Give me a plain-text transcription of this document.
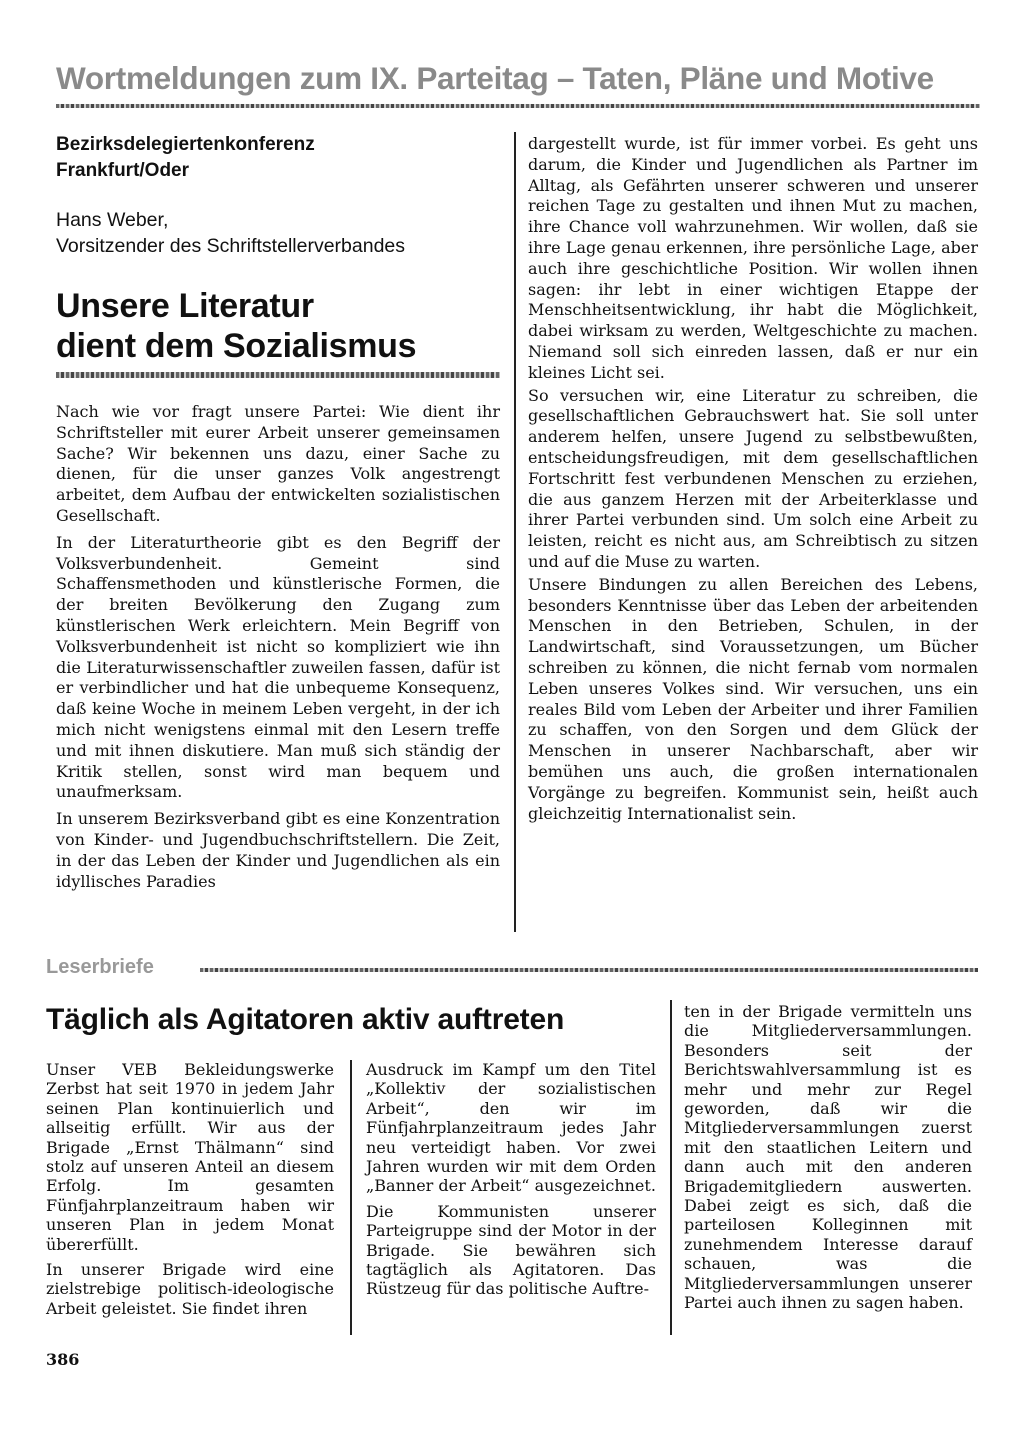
Wortmeldungen zum IX. Parteitag – Taten, Pläne und Motive
Bezirksdelegiertenkonferenz
Frankfurt/Oder
Hans Weber,
Vorsitzender des Schriftstellerverbandes
Unsere Literatur
dient dem Sozialismus

Nach wie vor fragt unsere Partei: Wie dient ihr Schriftsteller mit eurer Arbeit unserer gemeinsamen Sache? Wir bekennen uns dazu, einer Sache zu dienen, für die unser ganzes Volk angestrengt arbeitet, dem Aufbau der entwickelten sozialistischen Gesellschaft.

In der Literaturtheorie gibt es den Begriff der Volksverbundenheit. Gemeint sind Schaffensmethoden und künstlerische Formen, die der breiten Bevölkerung den Zugang zum künstlerischen Werk erleichtern. Mein Begriff von Volksverbundenheit ist nicht so kompliziert wie ihn die Literaturwissenschaftler zuweilen fassen, dafür ist er verbindlicher und hat die unbequeme Konsequenz, daß keine Woche in meinem Leben vergeht, in der ich mich nicht wenigstens einmal mit den Lesern treffe und mit ihnen diskutiere. Man muß sich ständig der Kritik stellen, sonst wird man bequem und unaufmerksam.

In unserem Bezirksverband gibt es eine Konzentration von Kinder- und Jugendbuchschriftstellern. Die Zeit, in der das Leben der Kinder und Jugendlichen als ein idyllisches Paradies

dargestellt wurde, ist für immer vorbei. Es geht uns darum, die Kinder und Jugendlichen als Partner im Alltag, als Gefährten unserer schweren und unserer reichen Tage zu gestalten und ihnen Mut zu machen, ihre Chance voll wahrzunehmen. Wir wollen, daß sie ihre Lage genau erkennen, ihre persönliche Lage, aber auch ihre geschichtliche Position. Wir wollen ihnen sagen: ihr lebt in einer wichtigen Etappe der Menschheitsentwicklung, ihr habt die Möglichkeit, dabei wirksam zu werden, Weltgeschichte zu machen. Niemand soll sich einreden lassen, daß er nur ein kleines Licht sei.

So versuchen wir, eine Literatur zu schreiben, die gesellschaftlichen Gebrauchswert hat. Sie soll unter anderem helfen, unsere Jugend zu selbstbewußten, entscheidungsfreudigen, mit dem gesellschaftlichen Fortschritt fest verbundenen Menschen zu erziehen, die aus ganzem Herzen mit der Arbeiterklasse und ihrer Partei verbunden sind. Um solch eine Arbeit zu leisten, reicht es nicht aus, am Schreibtisch zu sitzen und auf die Muse zu warten.

Unsere Bindungen zu allen Bereichen des Lebens, besonders Kenntnisse über das Leben der arbeitenden Menschen in den Betrieben, Schulen, in der Landwirtschaft, sind Voraussetzungen, um Bücher schreiben zu können, die nicht fernab vom normalen Leben unseres Volkes sind. Wir versuchen, uns ein reales Bild vom Leben der Arbeiter und ihrer Familien zu schaffen, von den Sorgen und dem Glück der Menschen in unserer Nachbarschaft, aber wir bemühen uns auch, die großen internationalen Vorgänge zu begreifen. Kommunist sein, heißt auch gleichzeitig Internationalist sein.

Leserbriefe
Täglich als Agitatoren aktiv auftreten

Unser VEB Bekleidungswerke Zerbst hat seit 1970 in jedem Jahr seinen Plan kontinuierlich und allseitig erfüllt. Wir aus der Brigade „Ernst Thälmann“ sind stolz auf unseren Anteil an diesem Erfolg. Im gesamten Fünfjahrplanzeitraum haben wir unseren Plan in jedem Monat übererfüllt.

In unserer Brigade wird eine zielstrebige politisch-ideologische Arbeit geleistet. Sie findet ihren

Ausdruck im Kampf um den Titel „Kollektiv der sozialistischen Arbeit“, den wir im Fünfjahrplanzeitraum jedes Jahr neu verteidigt haben. Vor zwei Jahren wurden wir mit dem Orden „Banner der Arbeit“ ausgezeichnet.

Die Kommunisten unserer Parteigruppe sind der Motor in der Brigade. Sie bewähren sich tagtäglich als Agitatoren. Das Rüstzeug für das politische Auftre-

ten in der Brigade vermitteln uns die Mitgliederversammlungen. Besonders seit der Berichtswahlversammlung ist es mehr und mehr zur Regel geworden, daß wir die Mitgliederversammlungen zuerst mit den staatlichen Leitern und dann auch mit den anderen Brigademitgliedern auswerten. Dabei zeigt es sich, daß die parteilosen Kolleginnen mit zunehmendem Interesse darauf schauen, was die Mitgliederversammlungen unserer Partei auch ihnen zu sagen haben.

386
